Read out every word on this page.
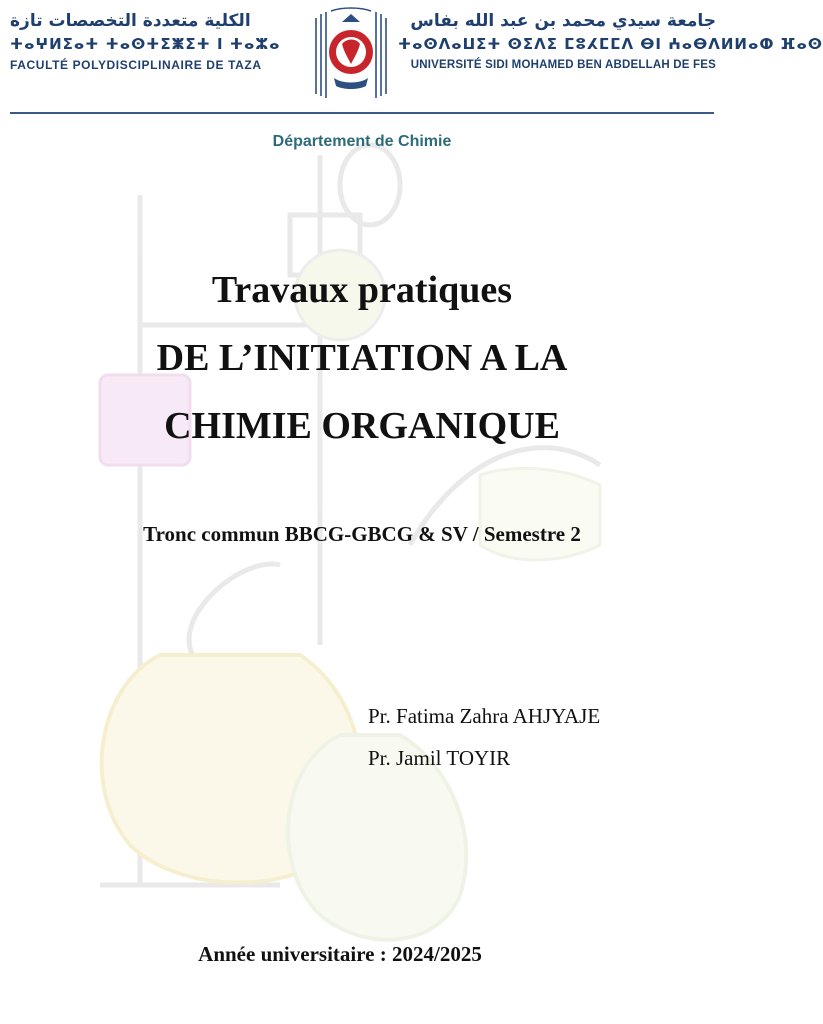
الكلية متعددة التخصصات تازة
ⵜⴰⵖⵍⵉⴰⵜ ⵜⴰⵙⵜⵉⵥⵉⵜ ⵏ ⵜⴰⵣⴰ
FACULTÉ POLYDISCIPLINAIRE DE TAZA
جامعة سيدي محمد بن عبد الله بفاس
ⵜⴰⵙⴷⴰⵡⵉⵜ ⵙⵉⴷⵉ ⵎⵓⵃⵎⵎⴷ ⴱⵏ ⵄⴰⴱⴷⵍⵍⴰⵀ ⴼⴰⵙ
UNIVERSITÉ SIDI MOHAMED BEN ABDELLAH DE FES
Département de Chimie
Travaux pratiques
DE L’INITIATION A LA
CHIMIE ORGANIQUE
Tronc commun BBCG-GBCG & SV / Semestre 2
Pr. Fatima Zahra AHJYAJE
Pr. Jamil TOYIR
Année universitaire : 2024/2025
